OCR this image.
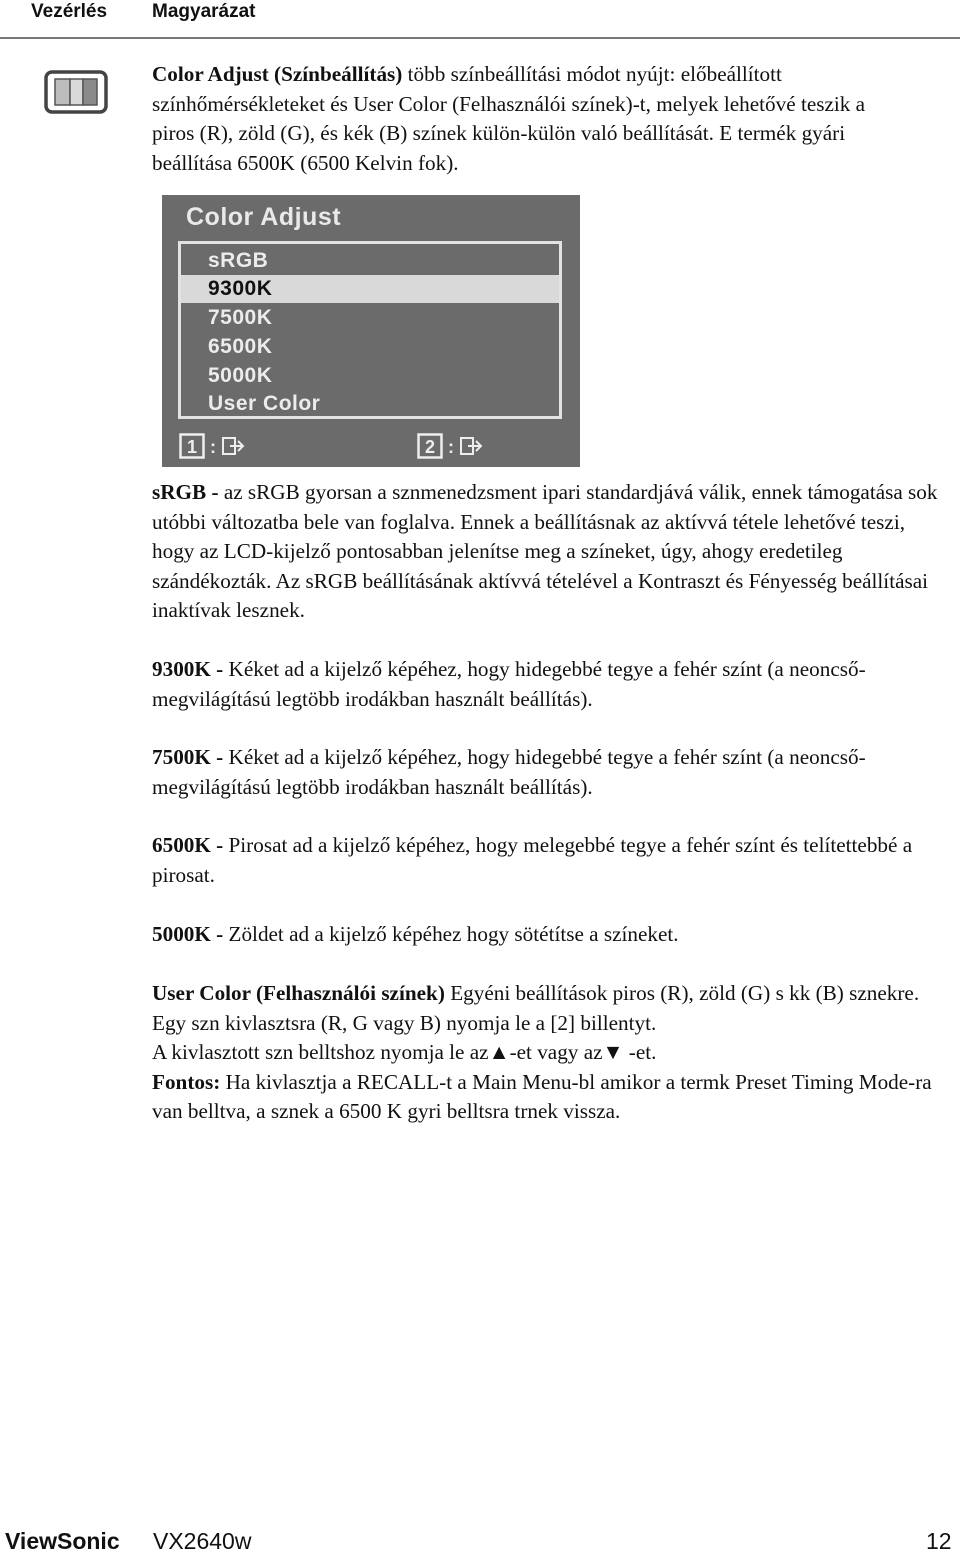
Vezérlés Magyarázat

Color Adjust (Színbeállítás) több színbeállítási módot nyújt: előbeállított színhőmérsékleteket és User Color (Felhasználói színek)-t, melyek lehetővé teszik a piros (R), zöld (G), és kék (B) színek külön-külön való beállítását. E termék gyári beállítása 6500K (6500 Kelvin fok).

Color Adjust
sRGB
9300K
7500K
6500K
5000K
User Color
1 :	2 :

sRGB - az sRGB gyorsan a sznmenedzsment ipari standardjává válik, ennek támogatása sok utóbbi változatba bele van foglalva. Ennek a beállításnak az aktívvá tétele lehetővé teszi, hogy az LCD-kijelző pontosabban jelenítse meg a színeket, úgy, ahogy eredetileg szándékozták. Az sRGB beállításának aktívvá tételével a Kontraszt és Fényesség beállításai inaktívak lesznek.

9300K - Kéket ad a kijelző képéhez, hogy hidegebbé tegye a fehér színt (a neoncső-megvilágítású legtöbb irodákban használt beállítás).

7500K - Kéket ad a kijelző képéhez, hogy hidegebbé tegye a fehér színt (a neoncső-megvilágítású legtöbb irodákban használt beállítás).

6500K - Pirosat ad a kijelző képéhez, hogy melegebbé tegye a fehér színt és telítettebbé a pirosat.

5000K - Zöldet ad a kijelző képéhez hogy sötétítse a színeket.

User Color (Felhasználói színek) Egyéni beállítások piros (R), zöld (G) s kk (B) sznekre.
Egy szn kivlasztsra (R, G vagy B) nyomja le a [2] billentyt.
A kivlasztott szn belltshoz nyomja le az▲-et vagy az▼ -et.
Fontos: Ha kivlasztja a RECALL-t a Main Menu-bl amikor a termk Preset Timing Mode-ra van belltva, a sznek a 6500 K gyri belltsra trnek vissza.
ViewSonic VX2640w	12
